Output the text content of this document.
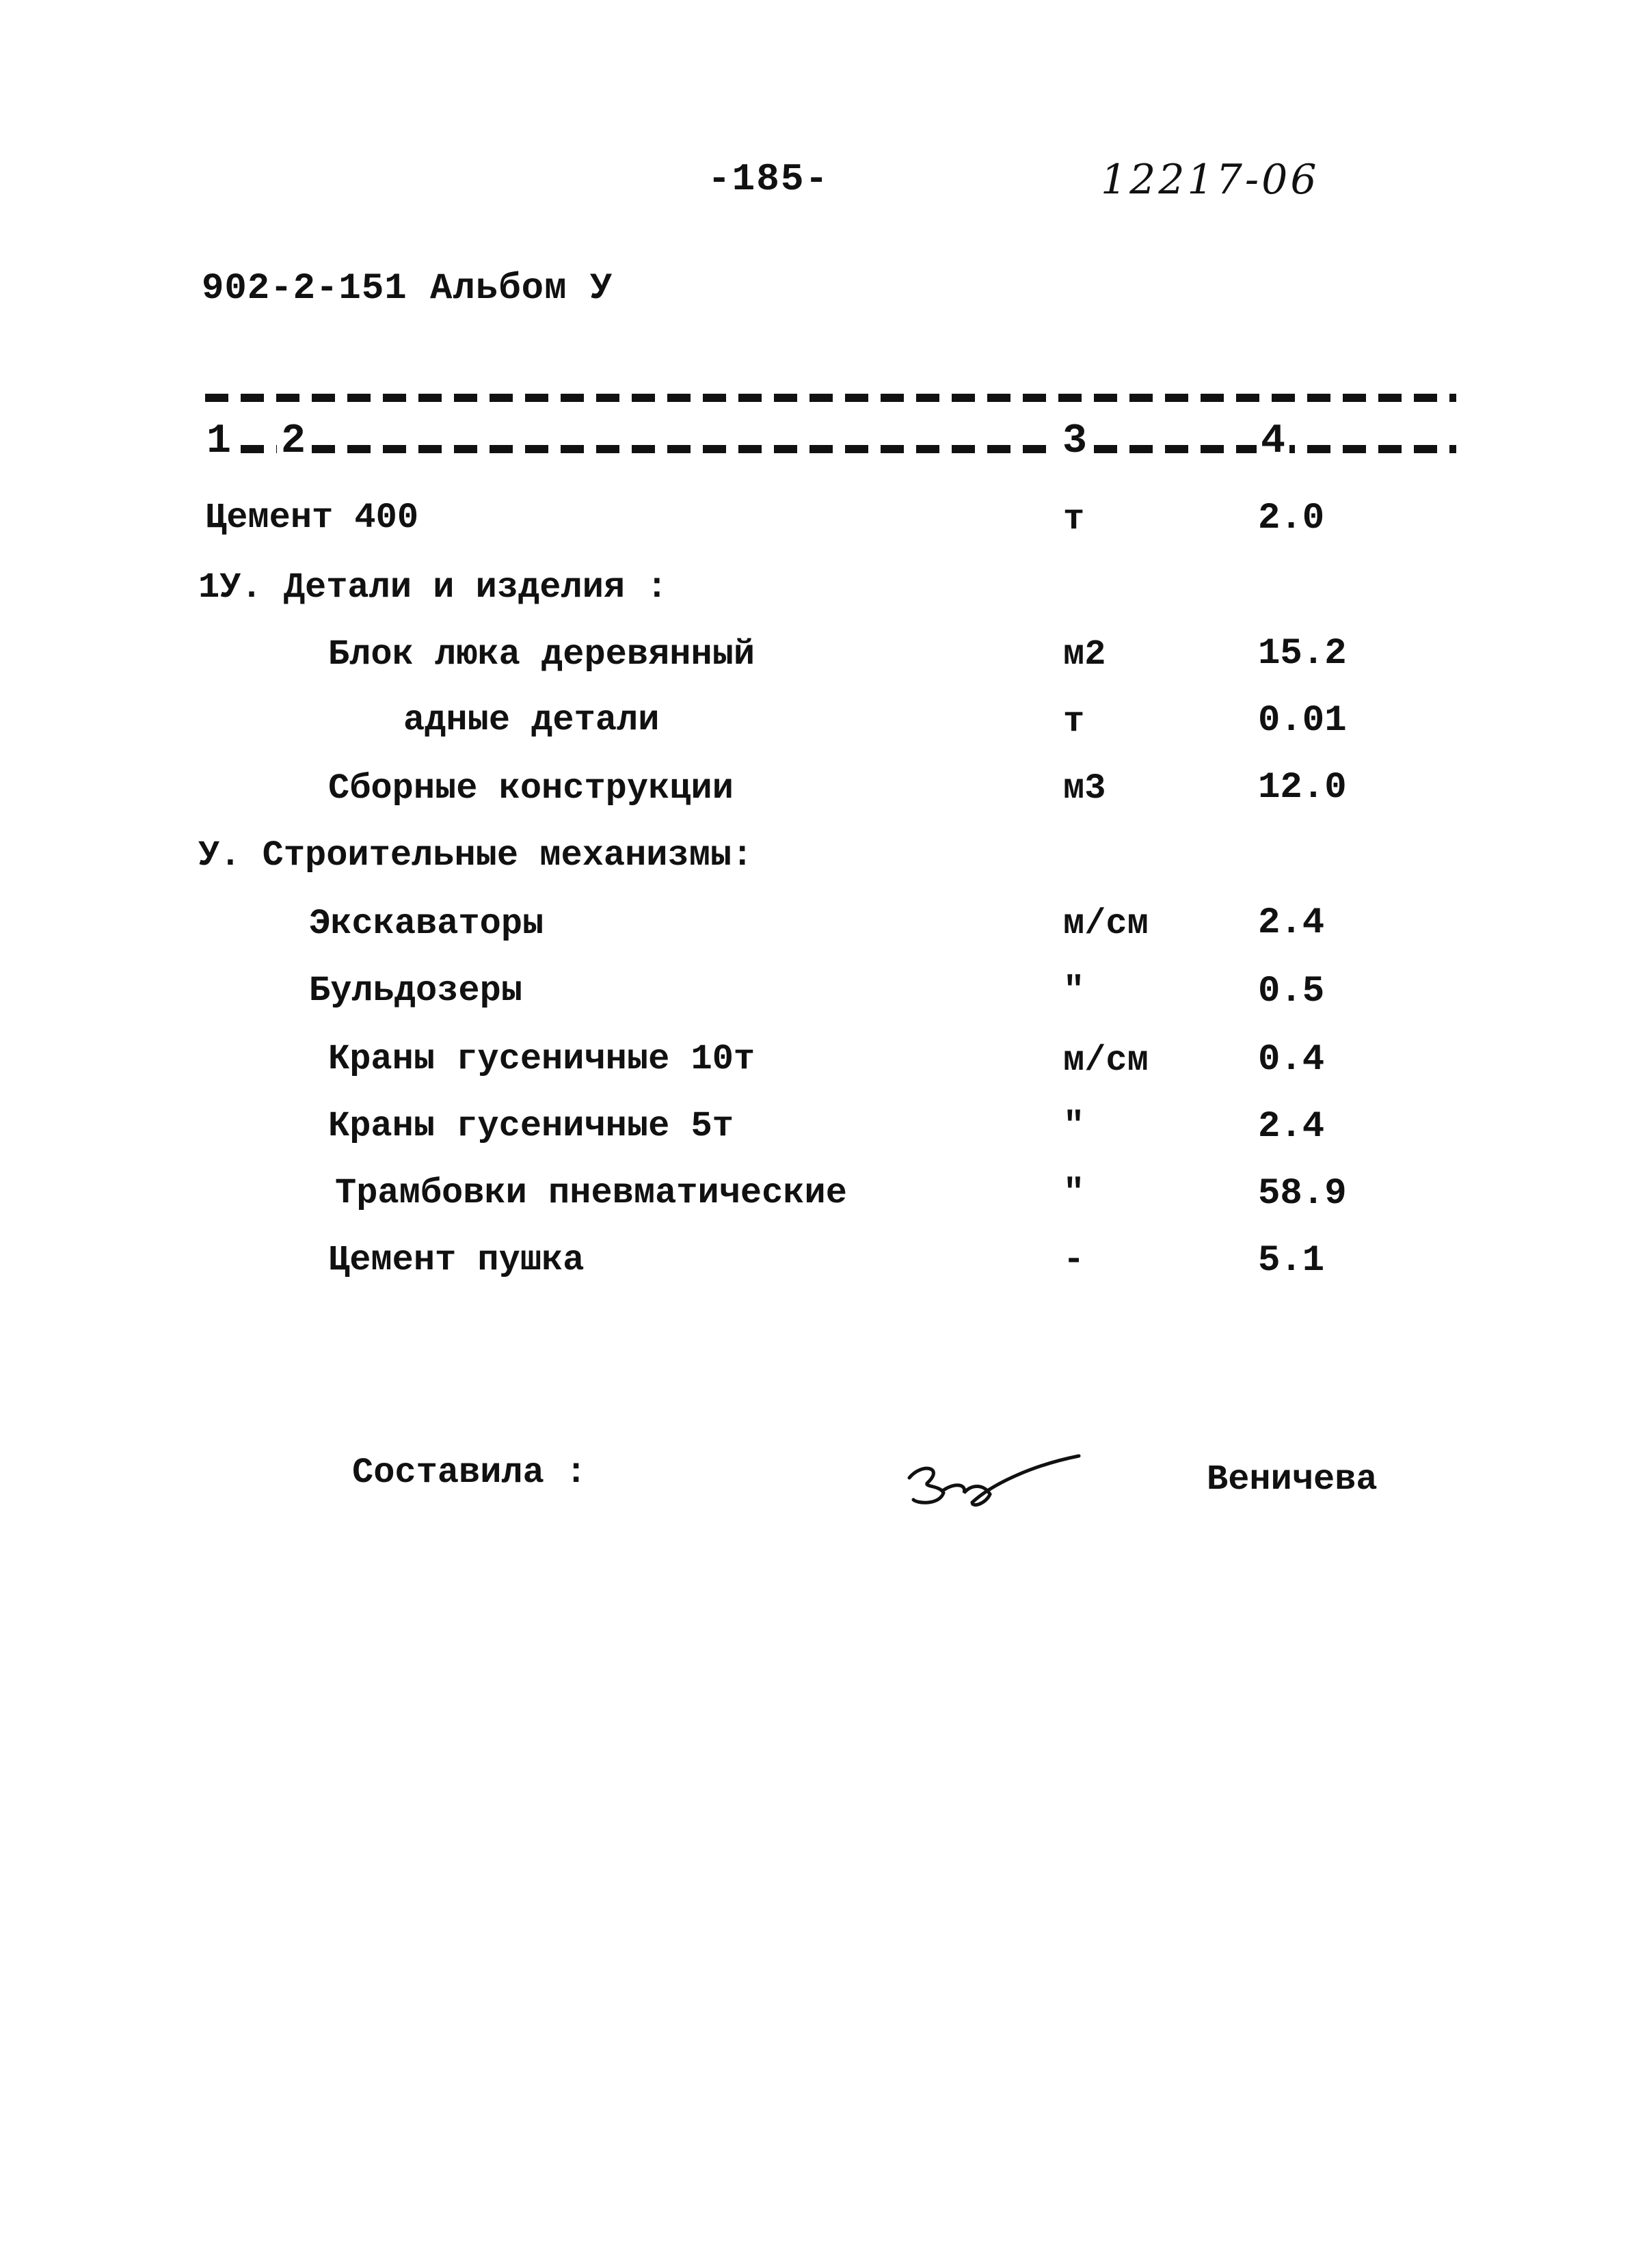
-185-	12217-06
902-2-151 Альбом У
1 2	3	4
Цемент 400	т	2.0
1У. Детали и изделия :
Блок люка деревянный	м2	15.2
адные детали	т	0.01
Сборные конструкции	м3	12.0
У. Строительные механизмы:
Экскаваторы	м/см	2.4
Бульдозеры	"	0.5
Краны гусеничные 10т	м/см	0.4
Краны гусеничные 5т	"	2.4
Трамбовки пневматические	"	58.9
Цемент пушка	-	5.1
Составила :	Веничева
